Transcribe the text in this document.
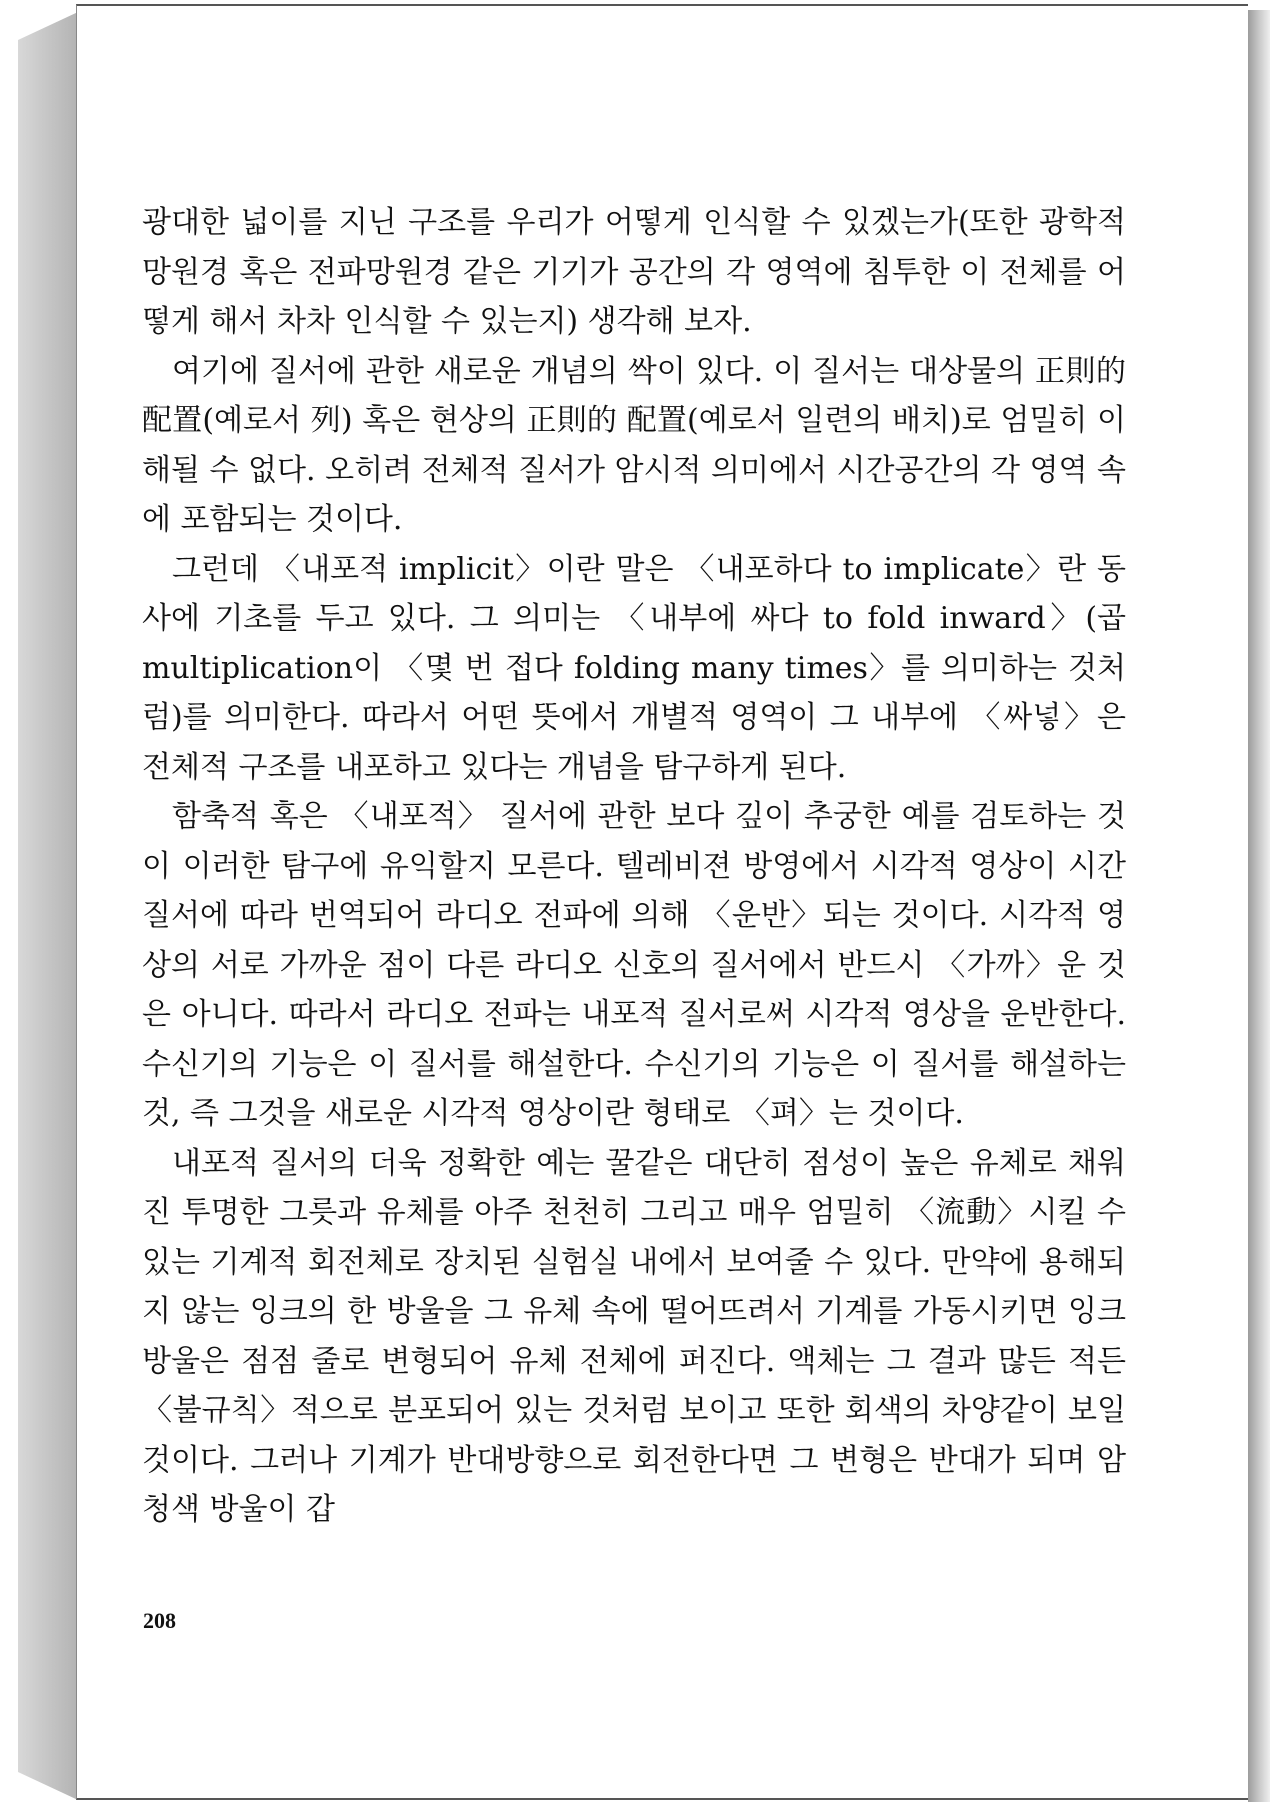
광대한 넓이를 지닌 구조를 우리가 어떻게 인식할 수 있겠는가(또한 광학적 망원경 혹은 전파망원경 같은 기기가 공간의 각 영역에 침투한 이 전체를 어떻게 해서 차차 인식할 수 있는지) 생각해 보자.

여기에 질서에 관한 새로운 개념의 싹이 있다. 이 질서는 대상물의 正則的 配置(예로서 列) 혹은 현상의 正則的 配置(예로서 일련의 배치)로 엄밀히 이해될 수 없다. 오히려 전체적 질서가 암시적 의미에서 시간공간의 각 영역 속에 포함되는 것이다.

그런데 〈내포적 implicit〉이란 말은 〈내포하다 to implicate〉란 동사에 기초를 두고 있다. 그 의미는 〈내부에 싸다 to fold inward〉(곱 multiplication이 〈몇 번 접다 folding many times〉를 의미하는 것처럼)를 의미한다. 따라서 어떤 뜻에서 개별적 영역이 그 내부에 〈싸넣〉은 전체적 구조를 내포하고 있다는 개념을 탐구하게 된다.

함축적 혹은 〈내포적〉 질서에 관한 보다 깊이 추궁한 예를 검토하는 것이 이러한 탐구에 유익할지 모른다. 텔레비젼 방영에서 시각적 영상이 시간질서에 따라 번역되어 라디오 전파에 의해 〈운반〉되는 것이다. 시각적 영상의 서로 가까운 점이 다른 라디오 신호의 질서에서 반드시 〈가까〉운 것은 아니다. 따라서 라디오 전파는 내포적 질서로써 시각적 영상을 운반한다. 수신기의 기능은 이 질서를 해설한다. 수신기의 기능은 이 질서를 해설하는 것, 즉 그것을 새로운 시각적 영상이란 형태로 〈펴〉는 것이다.

내포적 질서의 더욱 정확한 예는 꿀같은 대단히 점성이 높은 유체로 채워진 투명한 그릇과 유체를 아주 천천히 그리고 매우 엄밀히 〈流動〉시킬 수 있는 기계적 회전체로 장치된 실험실 내에서 보여줄 수 있다. 만약에 용해되지 않는 잉크의 한 방울을 그 유체 속에 떨어뜨려서 기계를 가동시키면 잉크 방울은 점점 줄로 변형되어 유체 전체에 퍼진다. 액체는 그 결과 많든 적든 〈불규칙〉적으로 분포되어 있는 것처럼 보이고 또한 회색의 차양같이 보일 것이다. 그러나 기계가 반대방향으로 회전한다면 그 변형은 반대가 되며 암청색 방울이 갑

208
